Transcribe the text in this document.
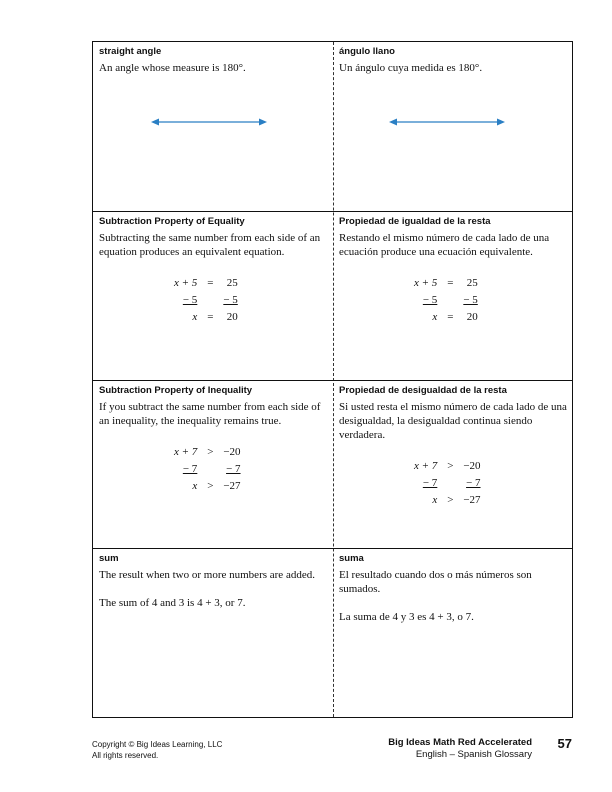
straight angle
An angle whose measure is 180°.
ángulo llano
Un ángulo cuya medida es 180°.
Subtraction Property of Equality
Subtracting the same number from each side of an equation produces an equivalent equation.
x + 5	=	25
− 5		− 5
x	=	20
Propiedad de igualdad de la resta
Restando el mismo número de cada lado de una ecuación produce una ecuación equivalente.
x + 5	=	25
− 5		− 5
x	=	20
Subtraction Property of Inequality
If you subtract the same number from each side of an inequality, the inequality remains true.
x + 7	>	−20
− 7		− 7
x	>	−27
Propiedad de desigualdad de la resta
Si usted resta el mismo número de cada lado de una desigualdad, la desigualdad continua siendo verdadera.
x + 7	>	−20
− 7		− 7
x	>	−27
sum
The result when two or more numbers are added.
The sum of 4 and 3 is 4 + 3, or 7.
suma
El resultado cuando dos o más números son sumados.
La suma de 4 y 3 es 4 + 3, o 7.
Copyright © Big Ideas Learning, LLC
All rights reserved.
Big Ideas Math Red Accelerated
English – Spanish Glossary
57
